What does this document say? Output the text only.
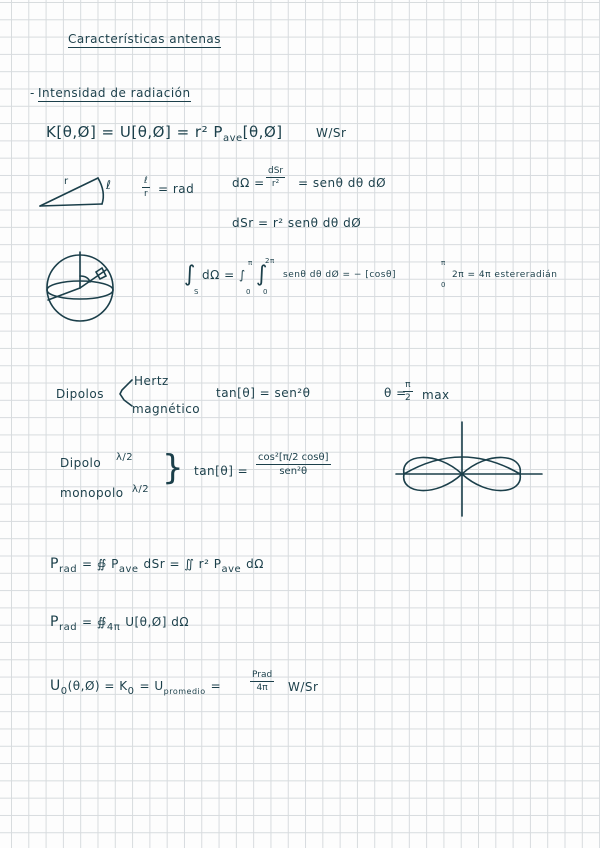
Características antenas
- Intensidad de radiación
K[θ,Ø] = U[θ,Ø] = r² $P_{ave}[\theta,Ø]$	W/Sr
r	ℓ	ℓ
r = rad	dΩ =
dSr
r² = senθ dθ dØ
dSr = r² senθ dθ dØ
∫
S
dΩ = ∫
π
0
∫
2π
0
senθ dθ dØ = − [cosθ]
π
0
2π = 4π estereradián
Dipolos
Hertz
magnético
tan[θ] = sen²θ	θ =
π
2 max
Dipolo λ/2
monopolo λ/2
} tan[θ] =
cos²[π/2 cosθ]
sen²θ
$P_{rad}$ = ∯ $P_{ave}$ dSr = ∬ r² $P_{ave}$ dΩ
$P_{rad}$ = $∯_{4\pi}$ U[θ,Ø] dΩ
$U_0(\theta,Ø) = K_0 = U_{promedio}$ =
Prad
4π W/Sr
